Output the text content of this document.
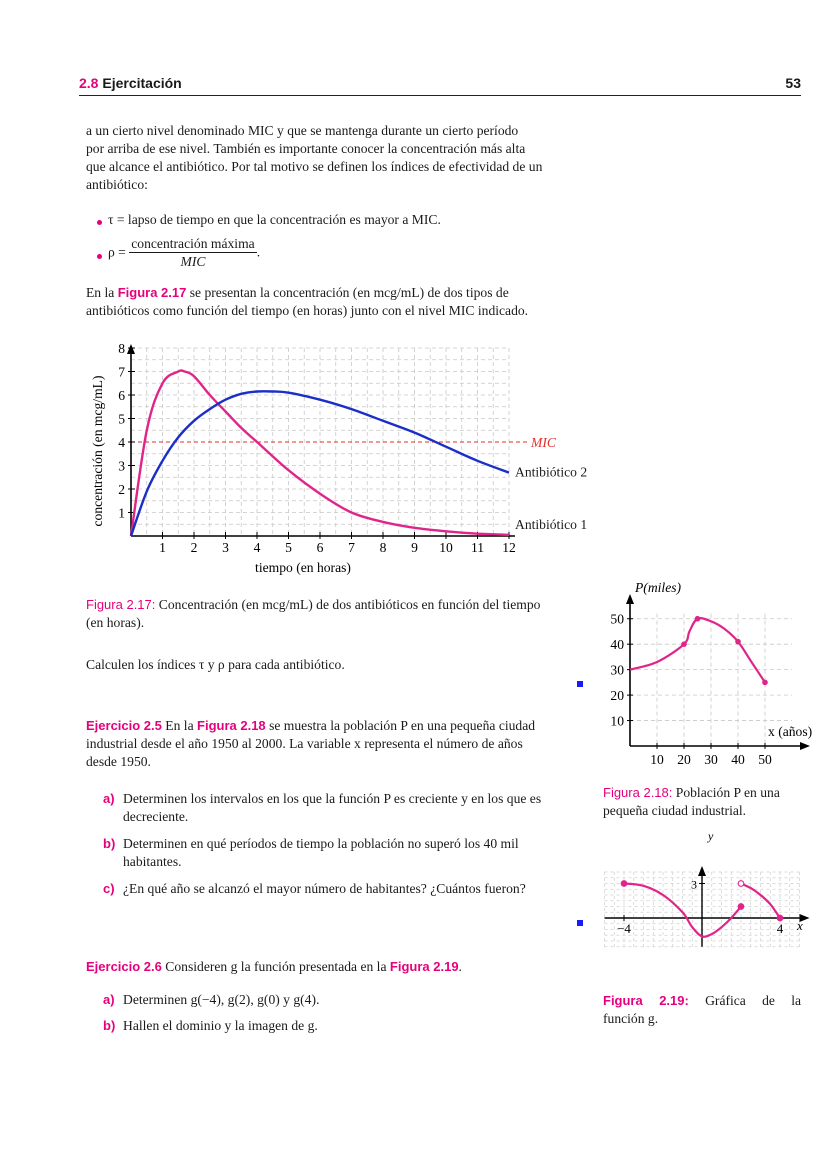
2.8 Ejercitación	53
a un cierto nivel denominado MIC y que se mantenga durante un cierto período
por arriba de ese nivel. También es importante conocer la concentración más alta
que alcance el antibiótico. Por tal motivo se definen los índices de efectividad de un
antibiótico:
τ = lapso de tiempo en que la concentración es mayor a MIC.
$\rho = \frac{\text{concentración máxima}}{\text{MIC}}$ .
En la Figura 2.17 se presentan la concentración (en mcg/mL) de dos tipos de
antibióticos como función del tiempo (en horas) junto con el nivel MIC indicado.
1 2 3 4 5 6 7 8 9 10 11 12
1
2
3
4
5
6
7
8
MIC
Antibiótico 1
Antibiótico 2
tiempo (en horas)
concentración (en mcg/mL)
Figura 2.17: Concentración (en mcg/mL) de dos antibióticos en función del tiempo
(en horas).
Calculen los índices τ y ρ para cada antibiótico.
Ejercicio 2.5 En la Figura 2.18 se muestra la población P en una pequeña ciudad
industrial desde el año 1950 al 2000. La variable x representa el número de años
desde 1950.
a) Determinen los intervalos en los que la función P es creciente y en los que es
decreciente.
b) Determinen en qué períodos de tiempo la población no superó los 40 mil
habitantes.
c) ¿En qué año se alcanzó el mayor número de habitantes? ¿Cuántos fueron?
Ejercicio 2.6 Consideren g la función presentada en la Figura 2.19.
a) Determinen g(−4), g(2), g(0) y g(4).
b) Hallen el dominio y la imagen de g.
10 20 30 40 50
10
20
30
40
50
P(miles)
x (años)
Figura 2.18: Población P en una
pequeña ciudad industrial.
−4	4
3
y
x
Figura 2.19: Gráfica de la
función g.
